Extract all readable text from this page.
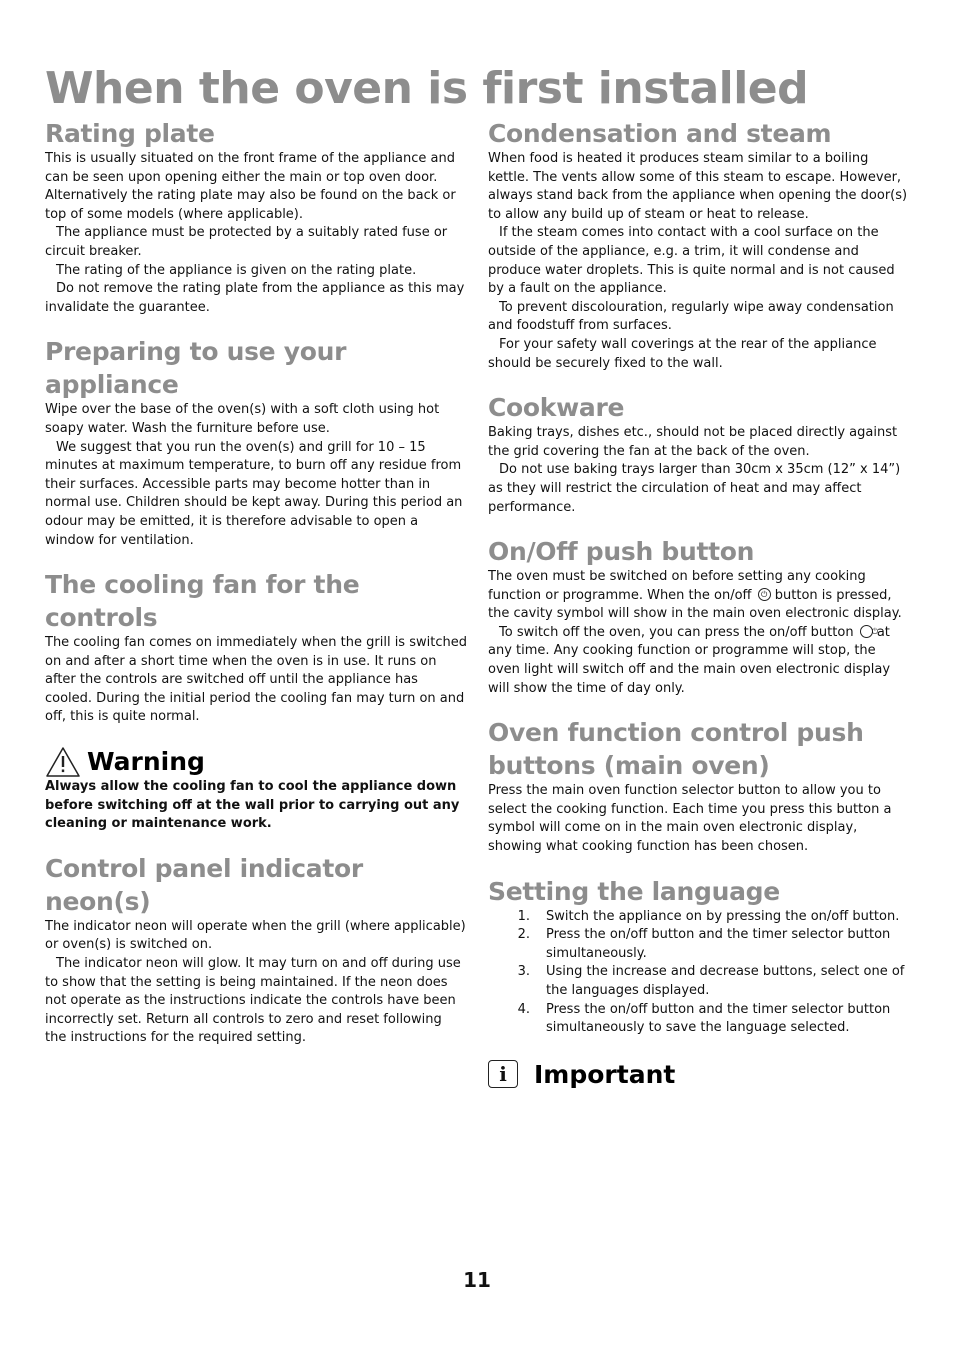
When the oven is first installed
Rating plate

This is usually situated on the front frame of the appliance and can be seen upon opening either the main or top oven door. Alternatively the rating plate may also be found on the back or top of some models (where applicable).

The appliance must be protected by a suitably rated fuse or circuit breaker.

The rating of the appliance is given on the rating plate.

Do not remove the rating plate from the appliance as this may invalidate the guarantee.

Preparing to use your
appliance

Wipe over the base of the oven(s) with a soft cloth using hot soapy water. Wash the furniture before use.

We suggest that you run the oven(s) and grill for 10 – 15 minutes at maximum temperature, to burn off any residue from their surfaces. Accessible parts may become hotter than in normal use. Children should be kept away. During this period an odour may be emitted, it is therefore advisable to open a window for ventilation.

The cooling fan for the
controls

The cooling fan comes on immediately when the grill is switched on and after a short time when the oven is in use. It runs on after the controls are switched off until the appliance has cooled. During the initial period the cooling fan may turn on and off, this is quite normal.

Warning

Always allow the cooling fan to cool the appliance down before switching off at the wall prior to carrying out any cleaning or maintenance work.

Control panel indicator
neon(s)

The indicator neon will operate when the grill (where applicable) or oven(s) is switched on.

The indicator neon will glow. It may turn on and off during use to show that the setting is being maintained. If the neon does not operate as the instructions indicate the controls have been incorrectly set. Return all controls to zero and reset following the instructions for the required setting.

Condensation and steam

When food is heated it produces steam similar to a boiling kettle. The vents allow some of this steam to escape. However, always stand back from the appliance when opening the door(s) to allow any build up of steam or heat to release.

If the steam comes into contact with a cool surface on the outside of the appliance, e.g. a trim, it will condense and produce water droplets. This is quite normal and is not caused by a fault on the appliance.

To prevent discolouration, regularly wipe away condensation and foodstuff from surfaces.

For your safety wall coverings at the rear of the appliance should be securely fixed to the wall.

Cookware

Baking trays, dishes etc., should not be placed directly against the grid covering the fan at the back of the oven.

Do not use baking trays larger than 30cm x 35cm (12” x 14”) as they will restrict the circulation of heat and may affect performance.

On/Off push button

The oven must be switched on before setting any cooking function or programme. When the on/off ⏻ button is pressed, the cavity symbol will show in the main oven electronic display.

To switch off the oven, you can press the on/off button ⏻ at any time. Any cooking function or programme will stop, the oven light will switch off and the main oven electronic display will show the time of day only.

Oven function control push
buttons (main oven)

Press the main oven function selector button to allow you to select the cooking function. Each time you press this button a symbol will come on in the main oven electronic display, showing what cooking function has been chosen.

Setting the language
1.	Switch the appliance on by pressing the on/off button.
2.	Press the on/off button and the timer selector button simultaneously.
3.	Using the increase and decrease buttons, select one of the languages displayed.
4.	Press the on/off button and the timer selector button simultaneously to save the language selected.
i	Important
11
